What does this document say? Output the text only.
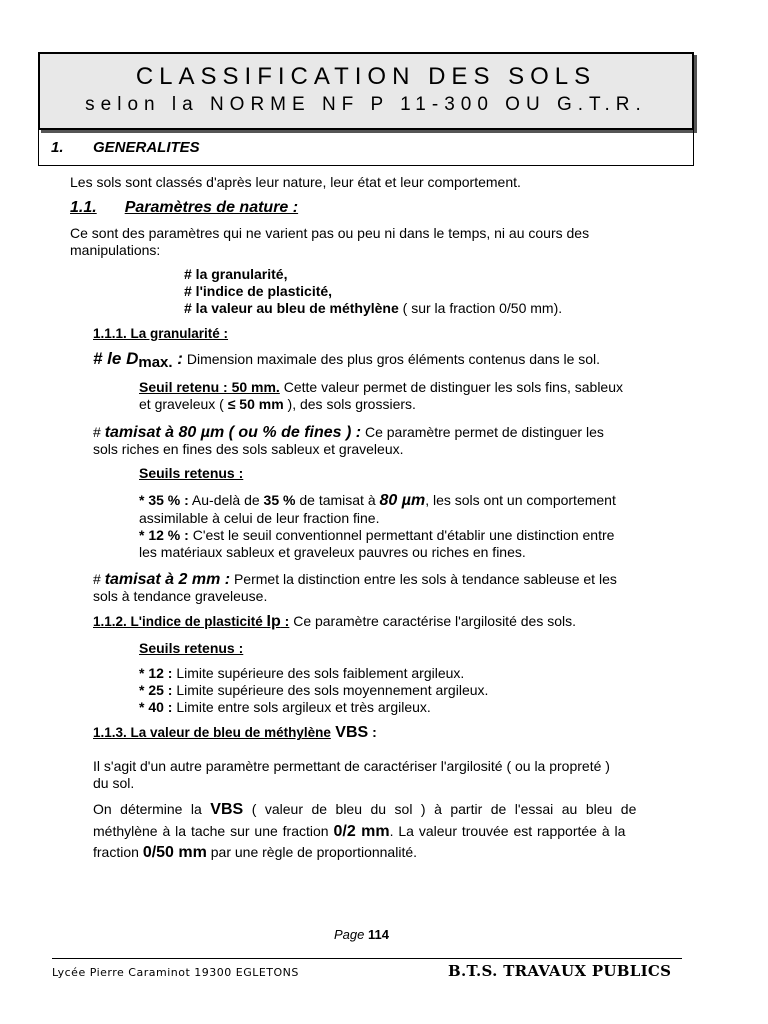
CLASSIFICATION DES SOLS
selon la NORME NF P 11-300 OU G.T.R.
1. GENERALITES
Les sols sont classés d'après leur nature, leur état et leur comportement.
1.1. Paramètres de nature :
Ce sont des paramètres qui ne varient pas ou peu ni dans le temps, ni au cours des
manipulations:
# la granularité,
# l'indice de plasticité,
# la valeur au bleu de méthylène ( sur la fraction 0/50 mm).
1.1.1. La granularité :
# le Dmax. : Dimension maximale des plus gros éléments contenus dans le sol.
Seuil retenu : 50 mm. Cette valeur permet de distinguer les sols fins, sableux
et graveleux ( ≤ 50 mm ), des sols grossiers.
# tamisat à 80 µm ( ou % de fines ) : Ce paramètre permet de distinguer les
sols riches en fines des sols sableux et graveleux.
Seuils retenus :
* 35 % : Au-delà de 35 % de tamisat à 80 µm, les sols ont un comportement
assimilable à celui de leur fraction fine.
* 12 % : C'est le seuil conventionnel permettant d'établir une distinction entre
les matériaux sableux et graveleux pauvres ou riches en fines.
# tamisat à 2 mm : Permet la distinction entre les sols à tendance sableuse et les
sols à tendance graveleuse.
1.1.2. L'indice de plasticité Ip : Ce paramètre caractérise l'argilosité des sols.
Seuils retenus :
* 12 : Limite supérieure des sols faiblement argileux.
* 25 : Limite supérieure des sols moyennement argileux.
* 40 : Limite entre sols argileux et très argileux.
1.1.3. La valeur de bleu de méthylène VBS :
Il s'agit d'un autre paramètre permettant de caractériser l'argilosité ( ou la propreté )
du sol.
On détermine la VBS ( valeur de bleu du sol ) à partir de l'essai au bleu de
méthylène à la tache sur une fraction 0/2 mm. La valeur trouvée est rapportée à la
fraction 0/50 mm par une règle de proportionnalité.
Page 114
Lycée Pierre Caraminot 19300 EGLETONS	B.T.S. TRAVAUX PUBLICS
